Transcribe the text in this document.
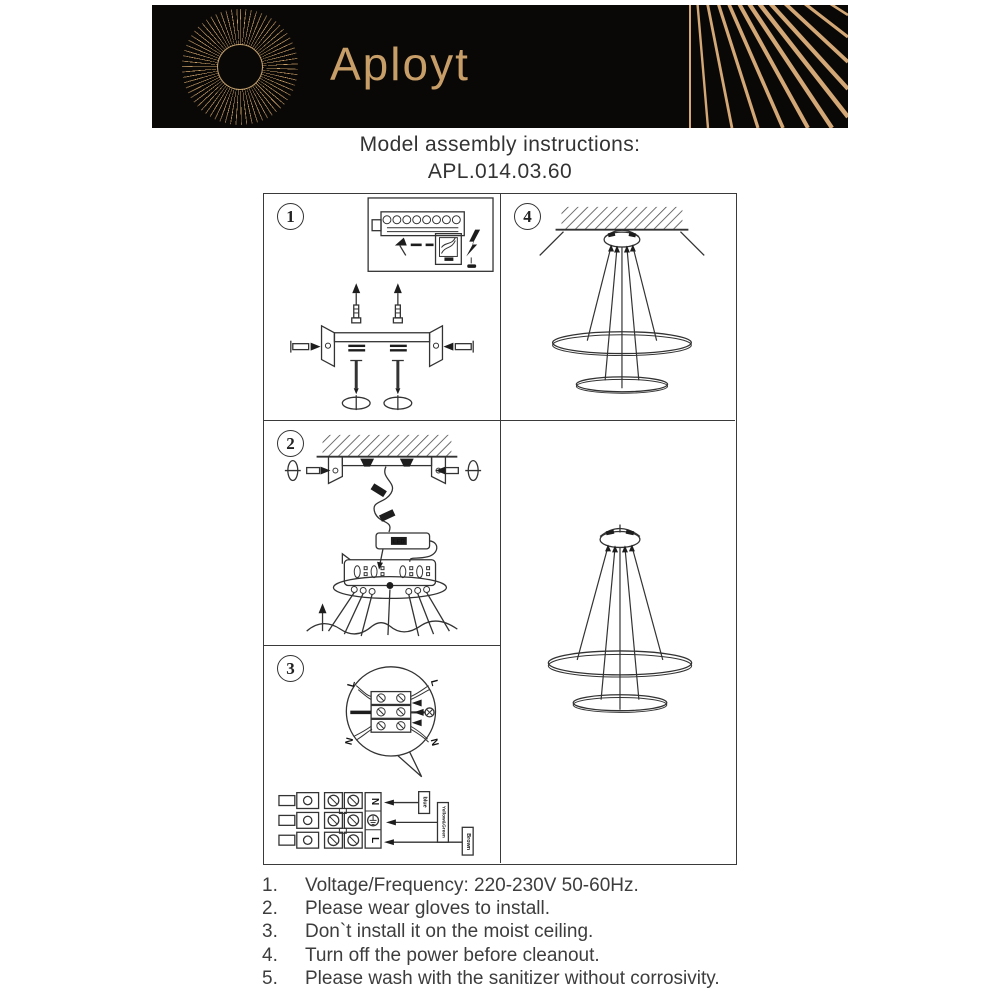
Aployt
Model assembly instructions:
APL.014.03.60
1	4
2
LED
3
L
N
L
N
N
L
blue
Yellow&Green
Brown
1.	Voltage/Frequency: 220-230V 50-60Hz.
2.	Please wear gloves to install.
3.	Don`t install it on the moist ceiling.
4.	Turn off the power before cleanout.
5.	Please wash with the sanitizer without corrosivity.
